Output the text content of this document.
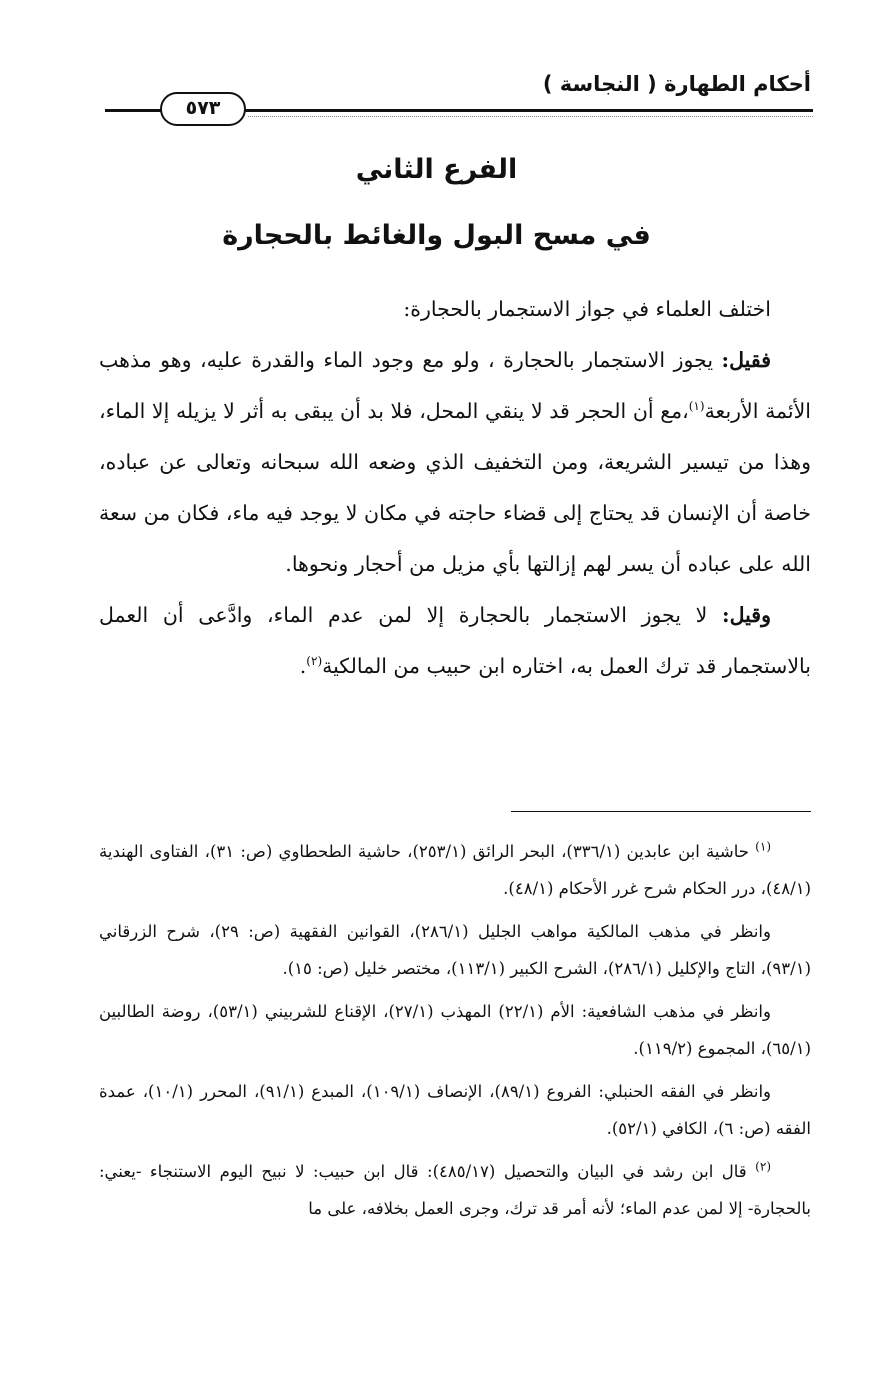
أحكام الطهارة ( النجاسة )
٥٧٣
الفرع الثاني
في مسح البول والغائط بالحجارة

اختلف العلماء في جواز الاستجمار بالحجارة:

فقيل: يجوز الاستجمار بالحجارة ، ولو مع وجود الماء والقدرة عليه، وهو مذهب الأئمة الأربعة$^{(١)}$،مع أن الحجر قد لا ينقي المحل، فلا بد أن يبقى به أثر لا يزيله إلا الماء، وهذا من تيسير الشريعة، ومن التخفيف الذي وضعه الله سبحانه وتعالى عن عباده، خاصة أن الإنسان قد يحتاج إلى قضاء حاجته في مكان لا يوجد فيه ماء، فكان من سعة الله على عباده أن يسر لهم إزالتها بأي مزيل من أحجار ونحوها.

وقيل: لا يجوز الاستجمار بالحجارة إلا لمن عدم الماء، وادَّعى أن العمل بالاستجمار قد ترك العمل به، اختاره ابن حبيب من المالكية$^{(٢)}$.

$^{(١)}$ حاشية ابن عابدين (٣٣٦/١)، البحر الرائق (٢٥٣/١)، حاشية الطحطاوي (ص: ٣١)، الفتاوى الهندية (٤٨/١)، درر الحكام شرح غرر الأحكام (٤٨/١).

وانظر في مذهب المالكية مواهب الجليل (٢٨٦/١)، القوانين الفقهية (ص: ٢٩)، شرح الزرقاني (٩٣/١)، التاج والإكليل (٢٨٦/١)، الشرح الكبير (١١٣/١)، مختصر خليل (ص: ١٥).

وانظر في مذهب الشافعية: الأم (٢٢/١) المهذب (٢٧/١)، الإقناع للشربيني (٥٣/١)، روضة الطالبين (٦٥/١)، المجموع (١١٩/٢).

وانظر في الفقه الحنبلي: الفروع (٨٩/١)، الإنصاف (١٠٩/١)، المبدع (٩١/١)، المحرر (١٠/١)، عمدة الفقه (ص: ٦)، الكافي (٥٢/١).

$^{(٢)}$ قال ابن رشد في البيان والتحصيل (٤٨٥/١٧): قال ابن حبيب: لا نبيح اليوم الاستنجاء -يعني: بالحجارة- إلا لمن عدم الماء؛ لأنه أمر قد ترك، وجرى العمل بخلافه، على ما
